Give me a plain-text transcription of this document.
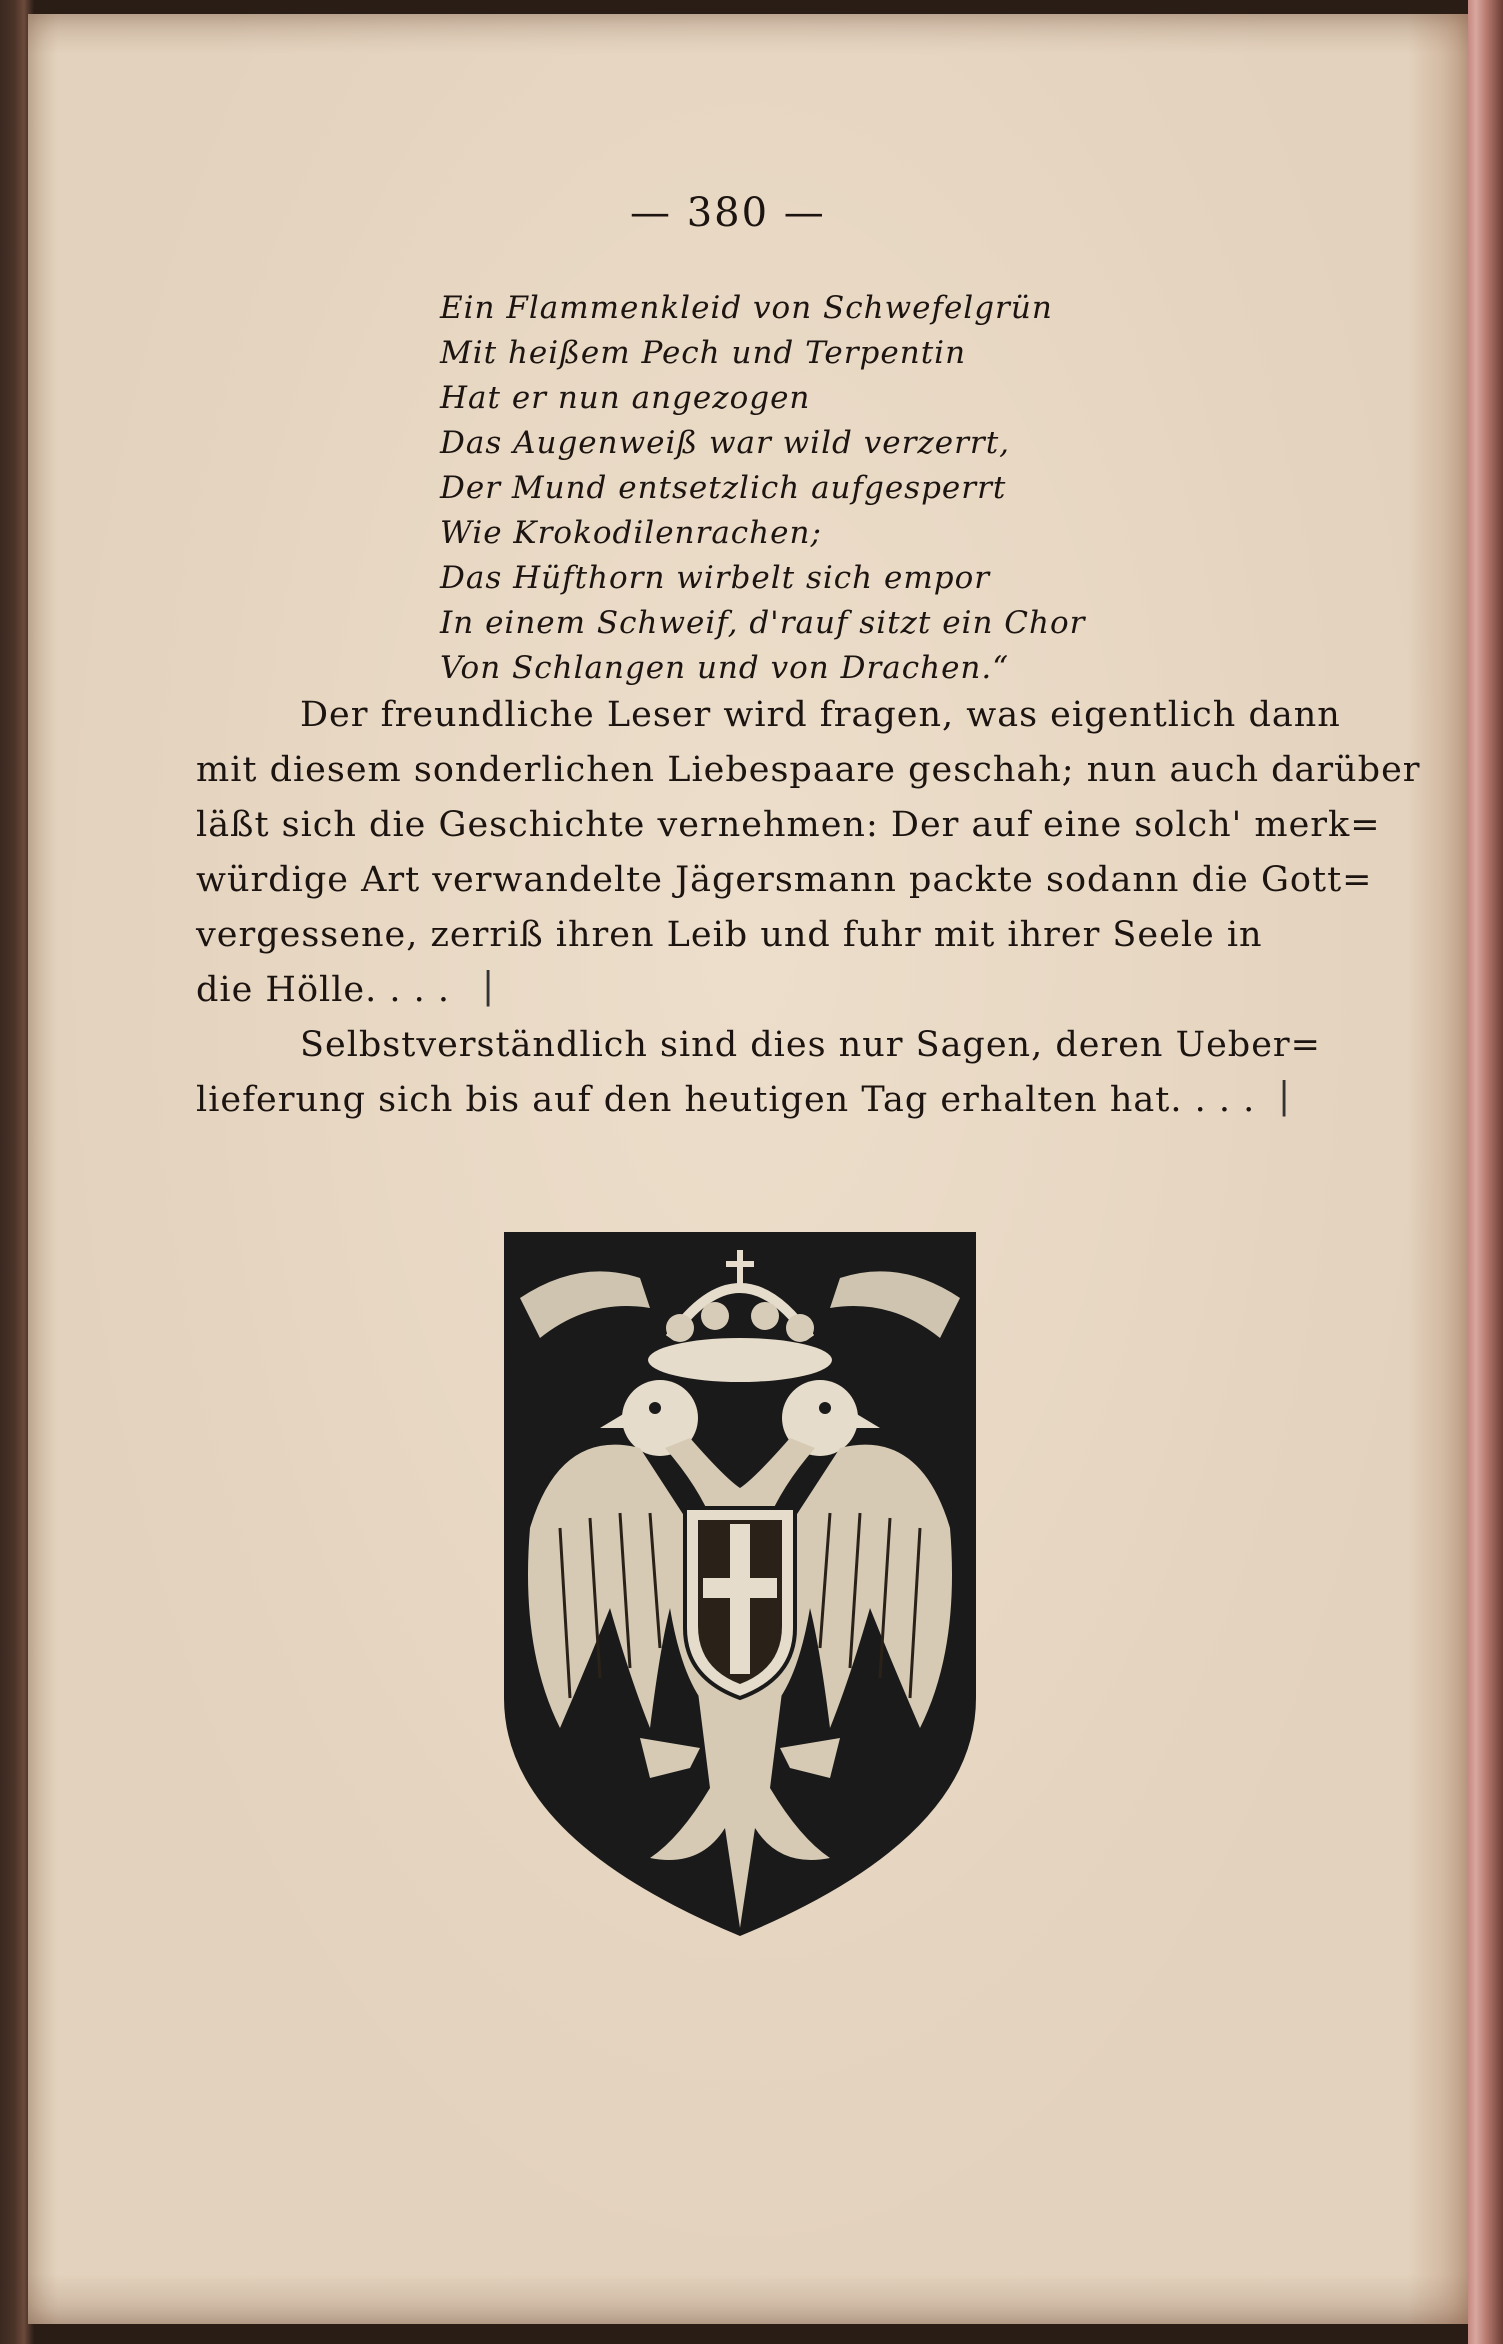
— 380 —
Ein Flammenkleid von Schwefelgrün
Mit heißem Pech und Terpentin
Hat er nun angezogen
Das Augenweiß war wild verzerrt,
Der Mund entsetzlich aufgesperrt
Wie Krokodilenrachen;
Das Hüfthorn wirbelt sich empor
In einem Schweif, d'rauf sitzt ein Chor
Von Schlangen und von Drachen.“
Der freundliche Leser wird fragen, was eigentlich dann
mit diesem sonderlichen Liebespaare geschah; nun auch darüber
läßt sich die Geschichte vernehmen: Der auf eine solch' merk=
würdige Art verwandelte Jägersmann packte sodann die Gott=
vergessene, zerriß ihren Leib und fuhr mit ihrer Seele in
die Hölle. . . . |
Selbstverständlich sind dies nur Sagen, deren Ueber=
lieferung sich bis auf den heutigen Tag erhalten hat. . . . |
